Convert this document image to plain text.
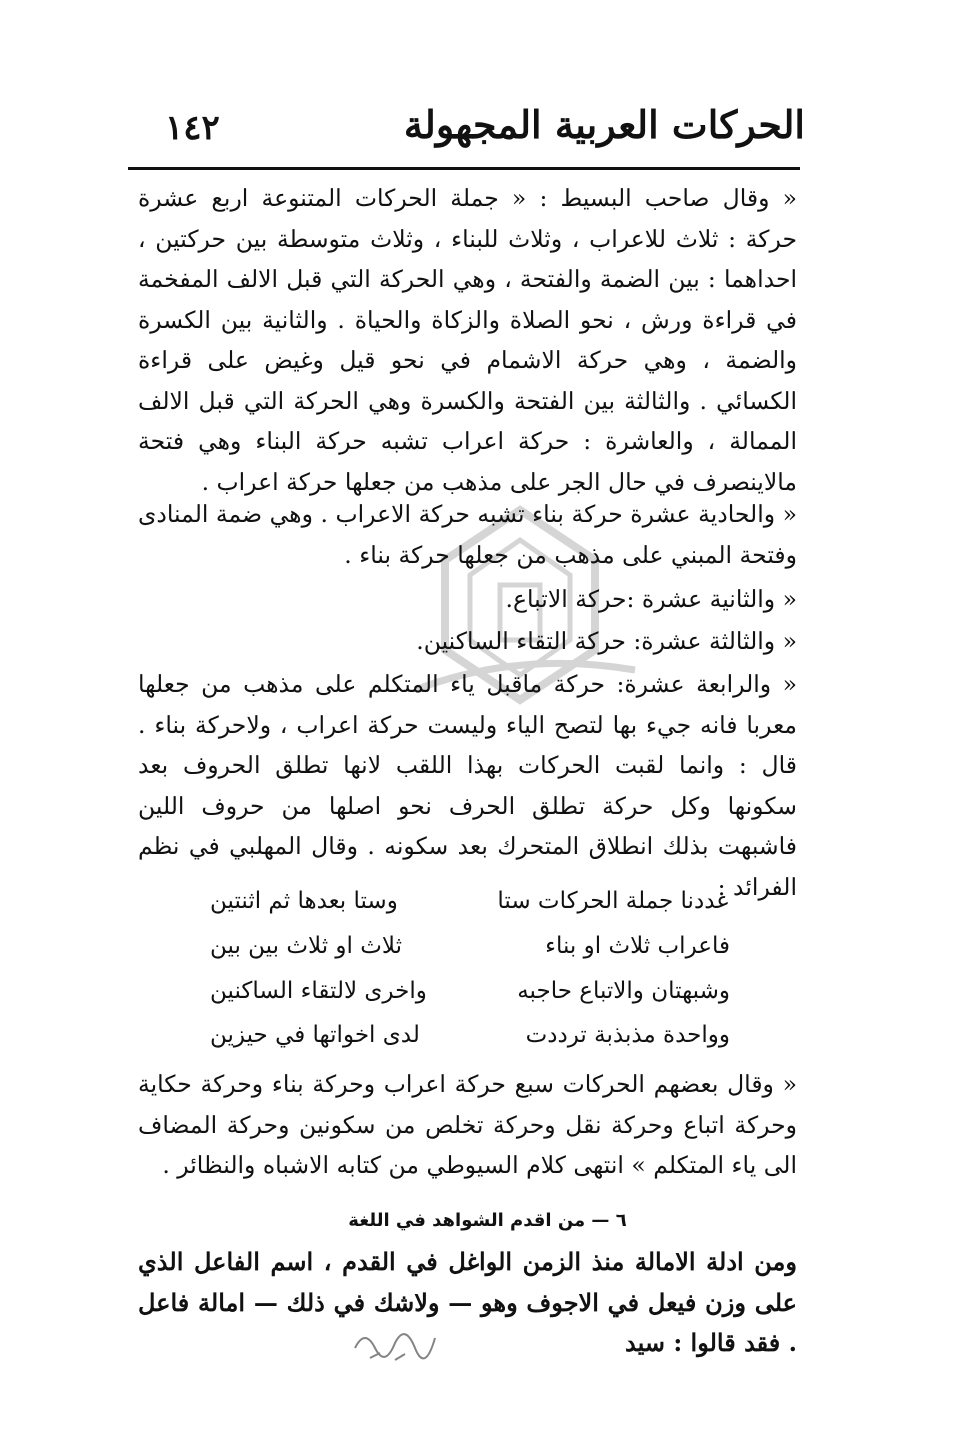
١٤٢	الحركات العربية المجهولة
« وقال صاحب البسيط : « جملة الحركات المتنوعة اربع عشرة حركة : ثلاث للاعراب ، وثلاث للبناء ، وثلاث متوسطة بين حركتين ، احداهما : بين الضمة والفتحة ، وهي الحركة التي قبل الالف المفخمة في قراءة ورش ، نحو الصلاة والزكاة والحياة . والثانية بين الكسرة والضمة ، وهي حركة الاشمام في نحو قيل وغيض على قراءة الكسائي . والثالثة بين الفتحة والكسرة وهي الحركة التي قبل الالف الممالة ، والعاشرة : حركة اعراب تشبه حركة البناء وهي فتحة مالاينصرف في حال الجر على مذهب من جعلها حركة اعراب .
« والحادية عشرة حركة بناء تشبه حركة الاعراب . وهي ضمة المنادى وفتحة المبني على مذهب من جعلها حركة بناء .
« والثانية عشرة :حركة الاتباع.
« والثالثة عشرة: حركة التقاء الساكنين.
« والرابعة عشرة: حركة ماقبل ياء المتكلم على مذهب من جعلها معربا فانه جيء بها لتصح الياء وليست حركة اعراب ، ولاحركة بناء . قال : وانما لقبت الحركات بهذا اللقب لانها تطلق الحروف بعد سكونها وكل حركة تطلق الحرف نحو اصلها من حروف اللين فاشبهت بذلك انطلاق المتحرك بعد سكونه . وقال المهلبي في نظم الفرائد :
عددنا جملة الحركات ستا
وستا بعدها ثم اثنتين
فاعراب ثلاث او بناء
ثلاث او ثلاث بين بين
وشبهتان والاتباع حاجبه
واخرى لالتقاء الساكنين
وواحدة مذبذبة ترددت
لدى اخواتها في حيزين
« وقال بعضهم الحركات سبع حركة اعراب وحركة بناء وحركة حكاية وحركة اتباع وحركة نقل وحركة تخلص من سكونين وحركة المضاف الى ياء المتكلم » انتهى كلام السيوطي من كتابه الاشباه والنظائر .
٦ — من اقدم الشواهد في اللغة
ومن ادلة الامالة منذ الزمن الواغل في القدم ، اسم الفاعل الذي على وزن فيعل في الاجوف وهو — ولاشك في ذلك — امالة فاعل . فقد قالوا : سيد
